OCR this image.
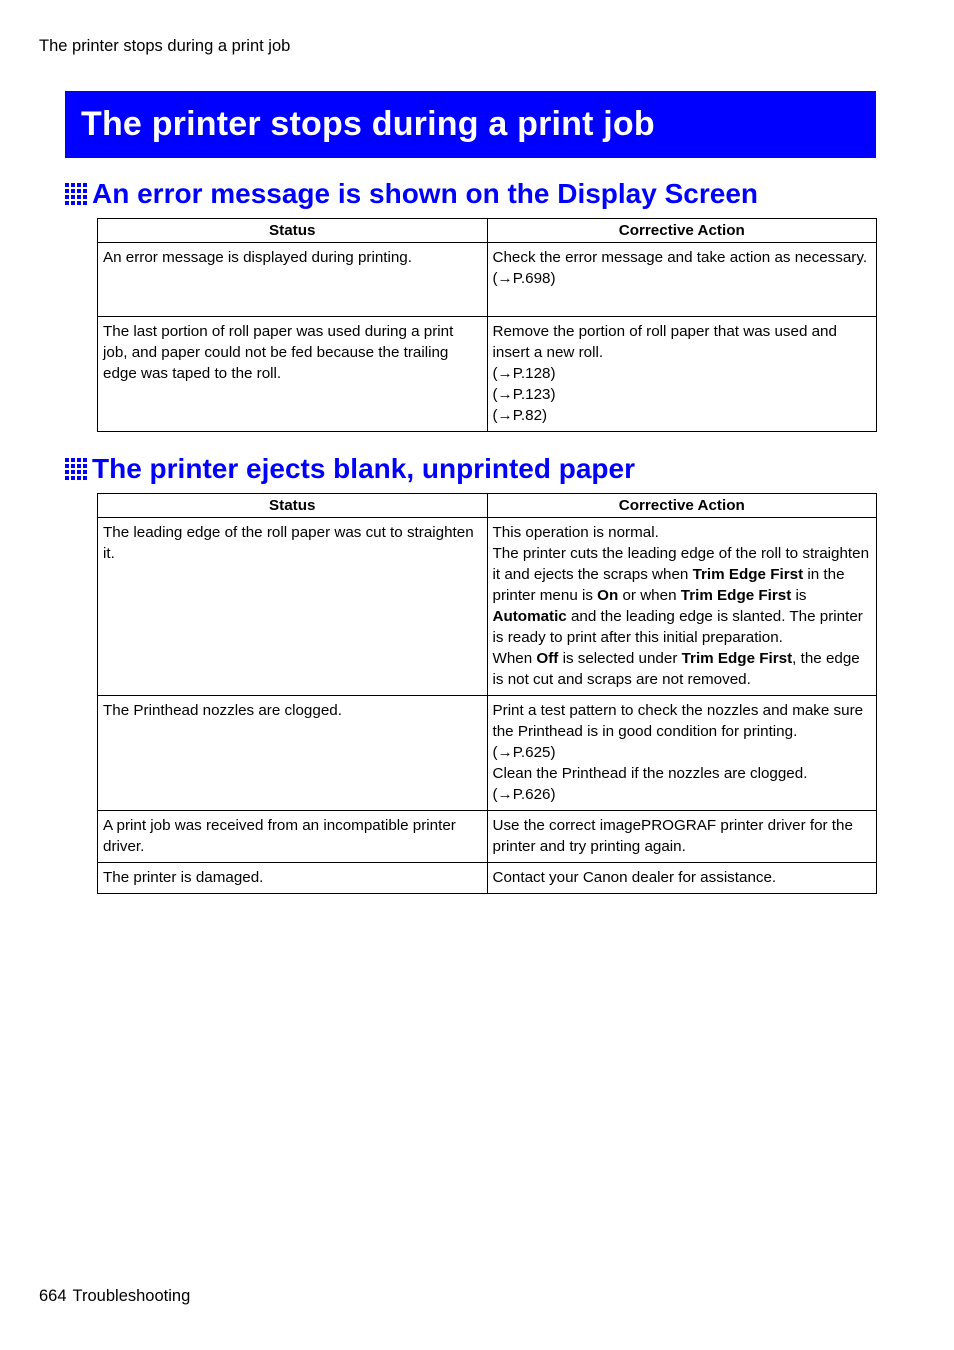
The printer stops during a print job
The printer stops during a print job
An error message is shown on the Display Screen
Status	Corrective Action
An error message is displayed during printing.	Check the error message and take action as necessary.
(→P.698)

The last portion of roll paper was used during a print job, and paper could not be fed because the trailing edge was taped to the roll.	Remove the portion of roll paper that was used and insert a new roll.
(→P.128)
(→P.123)
(→P.82)
The printer ejects blank, unprinted paper
Status	Corrective Action
The leading edge of the roll paper was cut to straighten it.	This operation is normal.
The printer cuts the leading edge of the roll to straighten it and ejects the scraps when Trim Edge First in the printer menu is On or when Trim Edge First is Automatic and the leading edge is slanted. The printer is ready to print after this initial preparation.
When Off is selected under Trim Edge First, the edge is not cut and scraps are not removed.
The Printhead nozzles are clogged.	Print a test pattern to check the nozzles and make sure the Printhead is in good condition for printing.
(→P.625)
Clean the Printhead if the nozzles are clogged.
(→P.626)
A print job was received from an incompatible printer driver.	Use the correct imagePROGRAF printer driver for the printer and try printing again.
The printer is damaged.	Contact your Canon dealer for assistance.
664 Troubleshooting
